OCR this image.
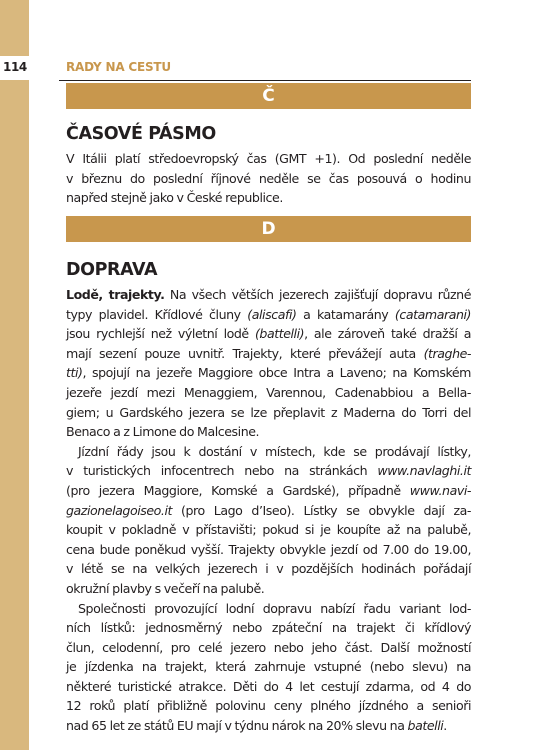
114	RADY NA CESTU
Č
ČASOVÉ PÁSMO
V Itálii platí středoevropský čas (GMT +1). Od poslední neděle
v březnu do poslední říjnové neděle se čas posouvá o hodinu
napřed stejně jako v České republice.
D
DOPRAVA
Lodě, trajekty. Na všech větších jezerech zajišťují dopravu různé
typy plavidel. Křídlové čluny (aliscafi) a katamarány (catamarani)
jsou rychlejší než výletní lodě (battelli), ale zároveň také dražší a
mají sezení pouze uvnitř. Trajekty, které převážejí auta (traghe-
tti), spojují na jezeře Maggiore obce Intra a Laveno; na Komském
jezeře jezdí mezi Menaggiem, Varennou, Cadenabbiou a Bella-
giem; u Gardského jezera se lze přeplavit z Maderna do Torri del
Benaco a z Limone do Malcesine.
Jízdní řády jsou k dostání v místech, kde se prodávají lístky,
v turistických infocentrech nebo na stránkách www.navlaghi.it
(pro jezera Maggiore, Komské a Gardské), případně www.navi-
gazionelagoiseo.it (pro Lago d’Iseo). Lístky se obvykle dají za-
koupit v pokladně v přístavišti; pokud si je koupíte až na palubě,
cena bude poněkud vyšší. Trajekty obvykle jezdí od 7.00 do 19.00,
v létě se na velkých jezerech i v pozdějších hodinách pořádají
okružní plavby s večeří na palubě.
Společnosti provozující lodní dopravu nabízí řadu variant lod-
ních lístků: jednosměrný nebo zpáteční na trajekt či křídlový
člun, celodenní, pro celé jezero nebo jeho část. Další možností
je jízdenka na trajekt, která zahrnuje vstupné (nebo slevu) na
některé turistické atrakce. Děti do 4 let cestují zdarma, od 4 do
12 roků platí přibližně polovinu ceny plného jízdného a senioři
nad 65 let ze států EU mají v týdnu nárok na 20% slevu na batelli.
